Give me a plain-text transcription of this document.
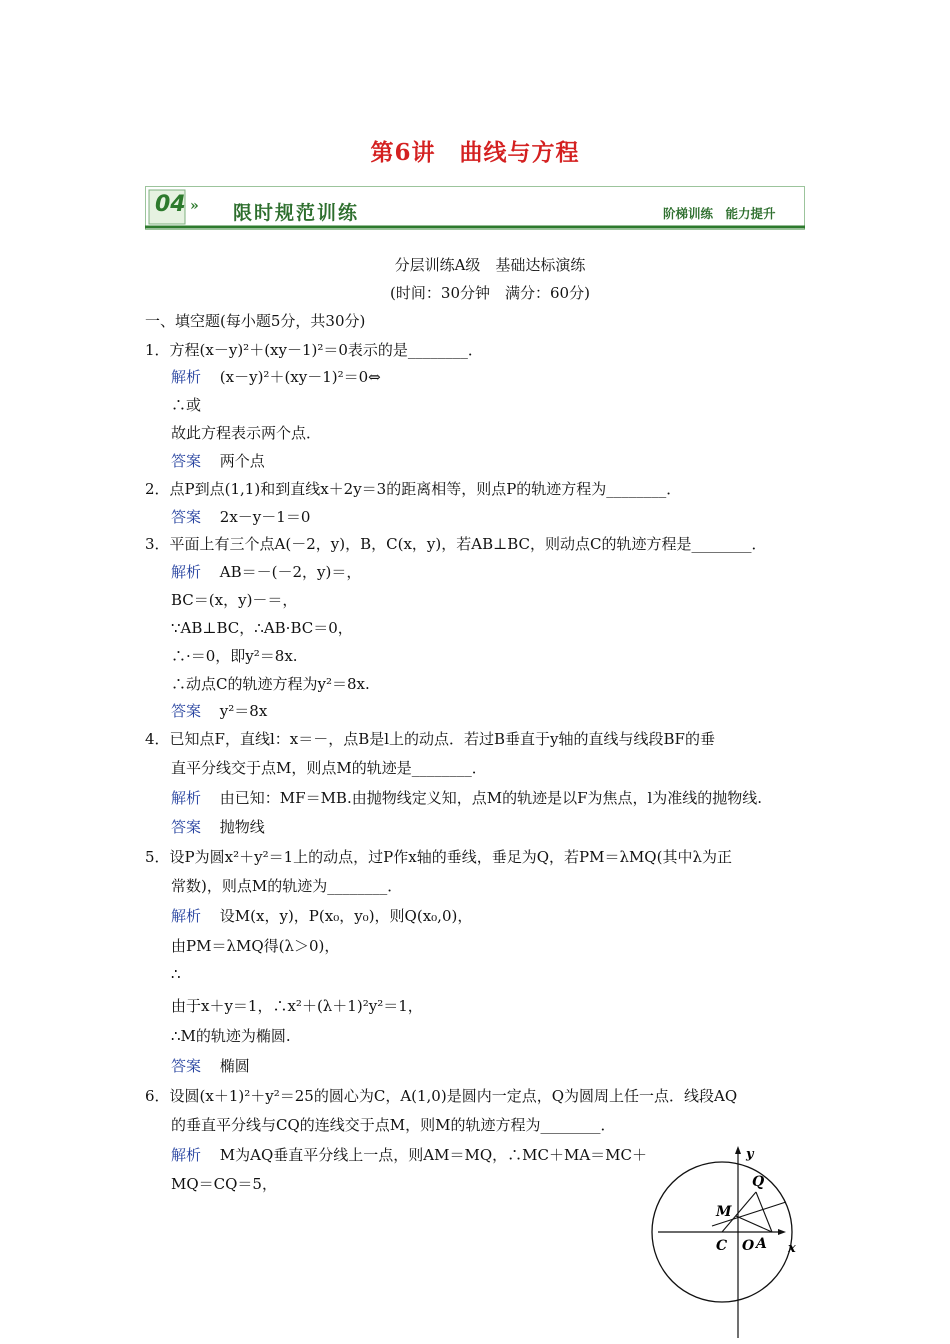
第6讲　曲线与方程
04 » 限时规范训练	阶梯训练　能力提升
分层训练A级　基础达标演练
(时间：30分钟　满分：60分)
一、填空题(每小题5分，共30分)
1．方程(x－y)²＋(xy－1)²＝0表示的是________．
解析 (x－y)²＋(xy－1)²＝0⇔
∴或
故此方程表示两个点．
答案 两个点
2．点P到点(1,1)和到直线x＋2y＝3的距离相等，则点P的轨迹方程为________．
答案 2x－y－1＝0
3．平面上有三个点A(－2，y)，B，C(x，y)，若AB⊥BC，则动点C的轨迹方程是________．
解析 AB＝－(－2，y)＝，
BC＝(x，y)－＝，
∵AB⊥BC，∴AB·BC＝0，
∴·＝0，即y²＝8x.
∴动点C的轨迹方程为y²＝8x.
答案 y²＝8x
4．已知点F，直线l：x＝－，点B是l上的动点．若过B垂直于y轴的直线与线段BF的垂
直平分线交于点M，则点M的轨迹是________．
解析 由已知：MF＝MB.由抛物线定义知，点M的轨迹是以F为焦点，l为准线的抛物线.
答案 抛物线
5．设P为圆x²＋y²＝1上的动点，过P作x轴的垂线，垂足为Q，若PM＝λMQ(其中λ为正
常数)，则点M的轨迹为________．
解析 设M(x，y)，P(x₀，y₀)，则Q(x₀,0)，
由PM＝λMQ得(λ＞0)，
∴
由于x＋y＝1，∴x²＋(λ＋1)²y²＝1，
∴M的轨迹为椭圆.
答案 椭圆
6．设圆(x＋1)²＋y²＝25的圆心为C，A(1,0)是圆内一定点，Q为圆周上任一点．线段AQ
的垂直平分线与CQ的连线交于点M，则M的轨迹方程为________．
解析 M为AQ垂直平分线上一点，则AM＝MQ，∴MC＋MA＝MC＋
MQ＝CQ＝5，
y
x
Q
M
C O A
